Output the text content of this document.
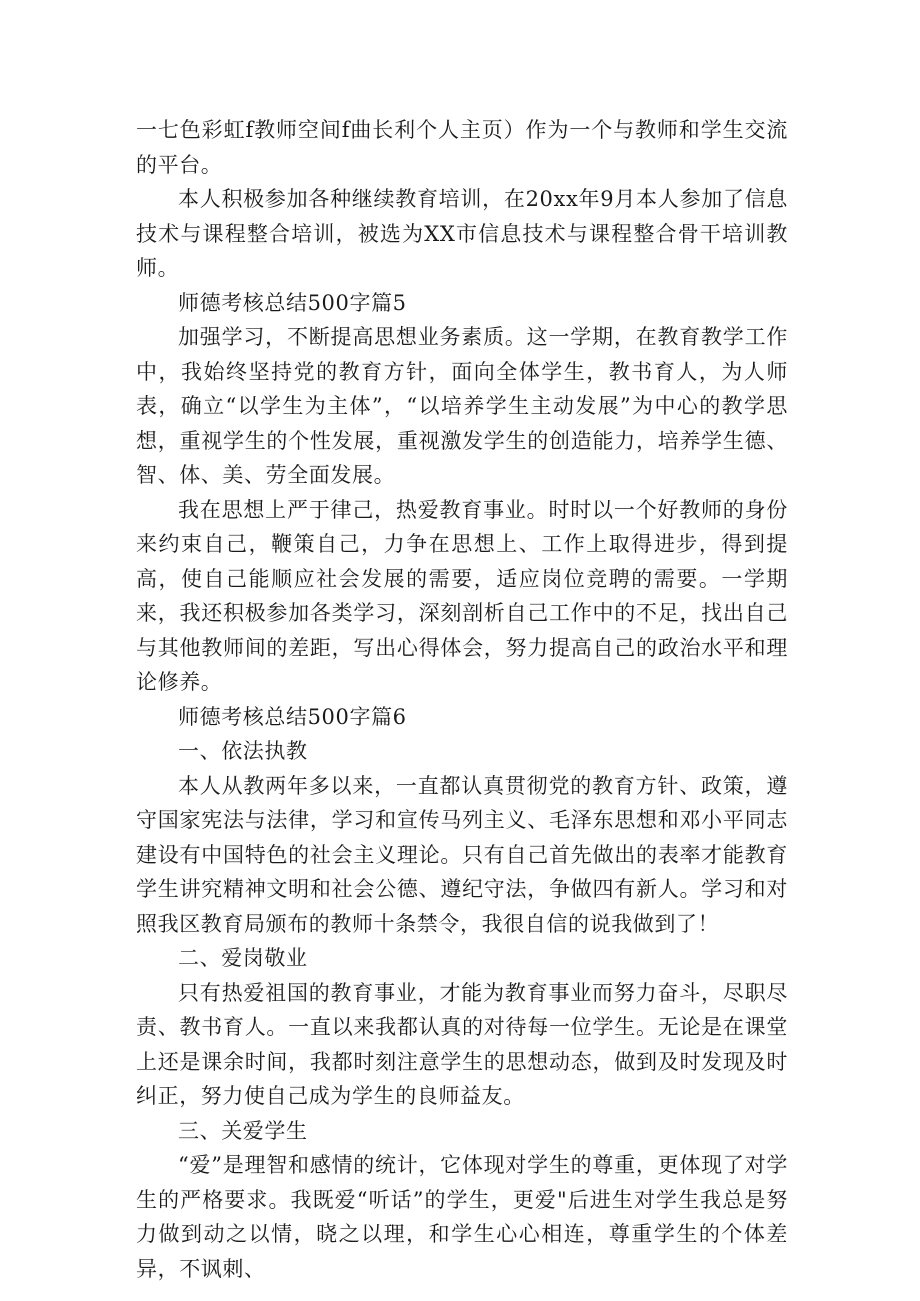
一七色彩虹f教师空间f曲长利个人主页）作为一个与教师和学生交流的平台。

本人积极参加各种继续教育培训，在20xx年9月本人参加了信息技术与课程整合培训，被选为XX市信息技术与课程整合骨干培训教师。

师德考核总结500字篇5

加强学习，不断提高思想业务素质。这一学期，在教育教学工作中，我始终坚持党的教育方针，面向全体学生，教书育人，为人师表，确立“以学生为主体”，“以培养学生主动发展”为中心的教学思想，重视学生的个性发展，重视激发学生的创造能力，培养学生德、智、体、美、劳全面发展。

我在思想上严于律己，热爱教育事业。时时以一个好教师的身份来约束自己，鞭策自己，力争在思想上、工作上取得进步，得到提高，使自己能顺应社会发展的需要，适应岗位竞聘的需要。一学期来，我还积极参加各类学习，深刻剖析自己工作中的不足，找出自己与其他教师间的差距，写出心得体会，努力提高自己的政治水平和理论修养。

师德考核总结500字篇6

一、依法执教

本人从教两年多以来，一直都认真贯彻党的教育方针、政策，遵守国家宪法与法律，学习和宣传马列主义、毛泽东思想和邓小平同志建设有中国特色的社会主义理论。只有自己首先做出的表率才能教育学生讲究精神文明和社会公德、遵纪守法，争做四有新人。学习和对照我区教育局颁布的教师十条禁令，我很自信的说我做到了！

二、爱岗敬业

只有热爱祖国的教育事业，才能为教育事业而努力奋斗，尽职尽责、教书育人。一直以来我都认真的对待每一位学生。无论是在课堂上还是课余时间，我都时刻注意学生的思想动态，做到及时发现及时纠正，努力使自己成为学生的良师益友。

三、关爱学生

“爱”是理智和感情的统计，它体现对学生的尊重，更体现了对学生的严格要求。我既爱“听话”的学生，更爱"后进生对学生我总是努力做到动之以情，晓之以理，和学生心心相连，尊重学生的个体差异，不讽刺、
